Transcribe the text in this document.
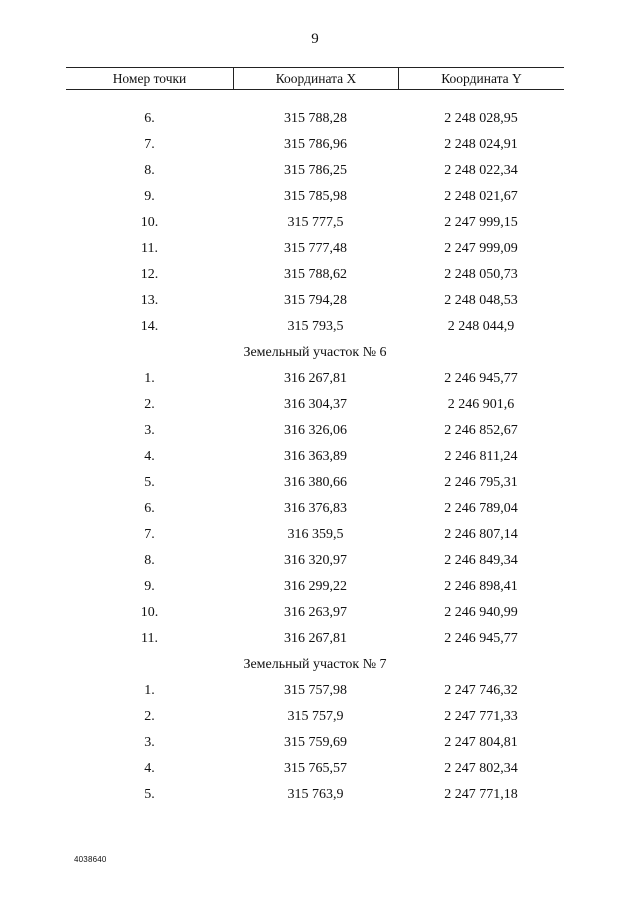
9
Номер точки	Координата X	Координата Y
6.	315 788,28	2 248 028,95
7.	315 786,96	2 248 024,91
8.	315 786,25	2 248 022,34
9.	315 785,98	2 248 021,67
10.	315 777,5	2 247 999,15
11.	315 777,48	2 247 999,09
12.	315 788,62	2 248 050,73
13.	315 794,28	2 248 048,53
14.	315 793,5	2 248 044,9
Земельный участок № 6
1.	316 267,81	2 246 945,77
2.	316 304,37	2 246 901,6
3.	316 326,06	2 246 852,67
4.	316 363,89	2 246 811,24
5.	316 380,66	2 246 795,31
6.	316 376,83	2 246 789,04
7.	316 359,5	2 246 807,14
8.	316 320,97	2 246 849,34
9.	316 299,22	2 246 898,41
10.	316 263,97	2 246 940,99
11.	316 267,81	2 246 945,77
Земельный участок № 7
1.	315 757,98	2 247 746,32
2.	315 757,9	2 247 771,33
3.	315 759,69	2 247 804,81
4.	315 765,57	2 247 802,34
5.	315 763,9	2 247 771,18
4038640
